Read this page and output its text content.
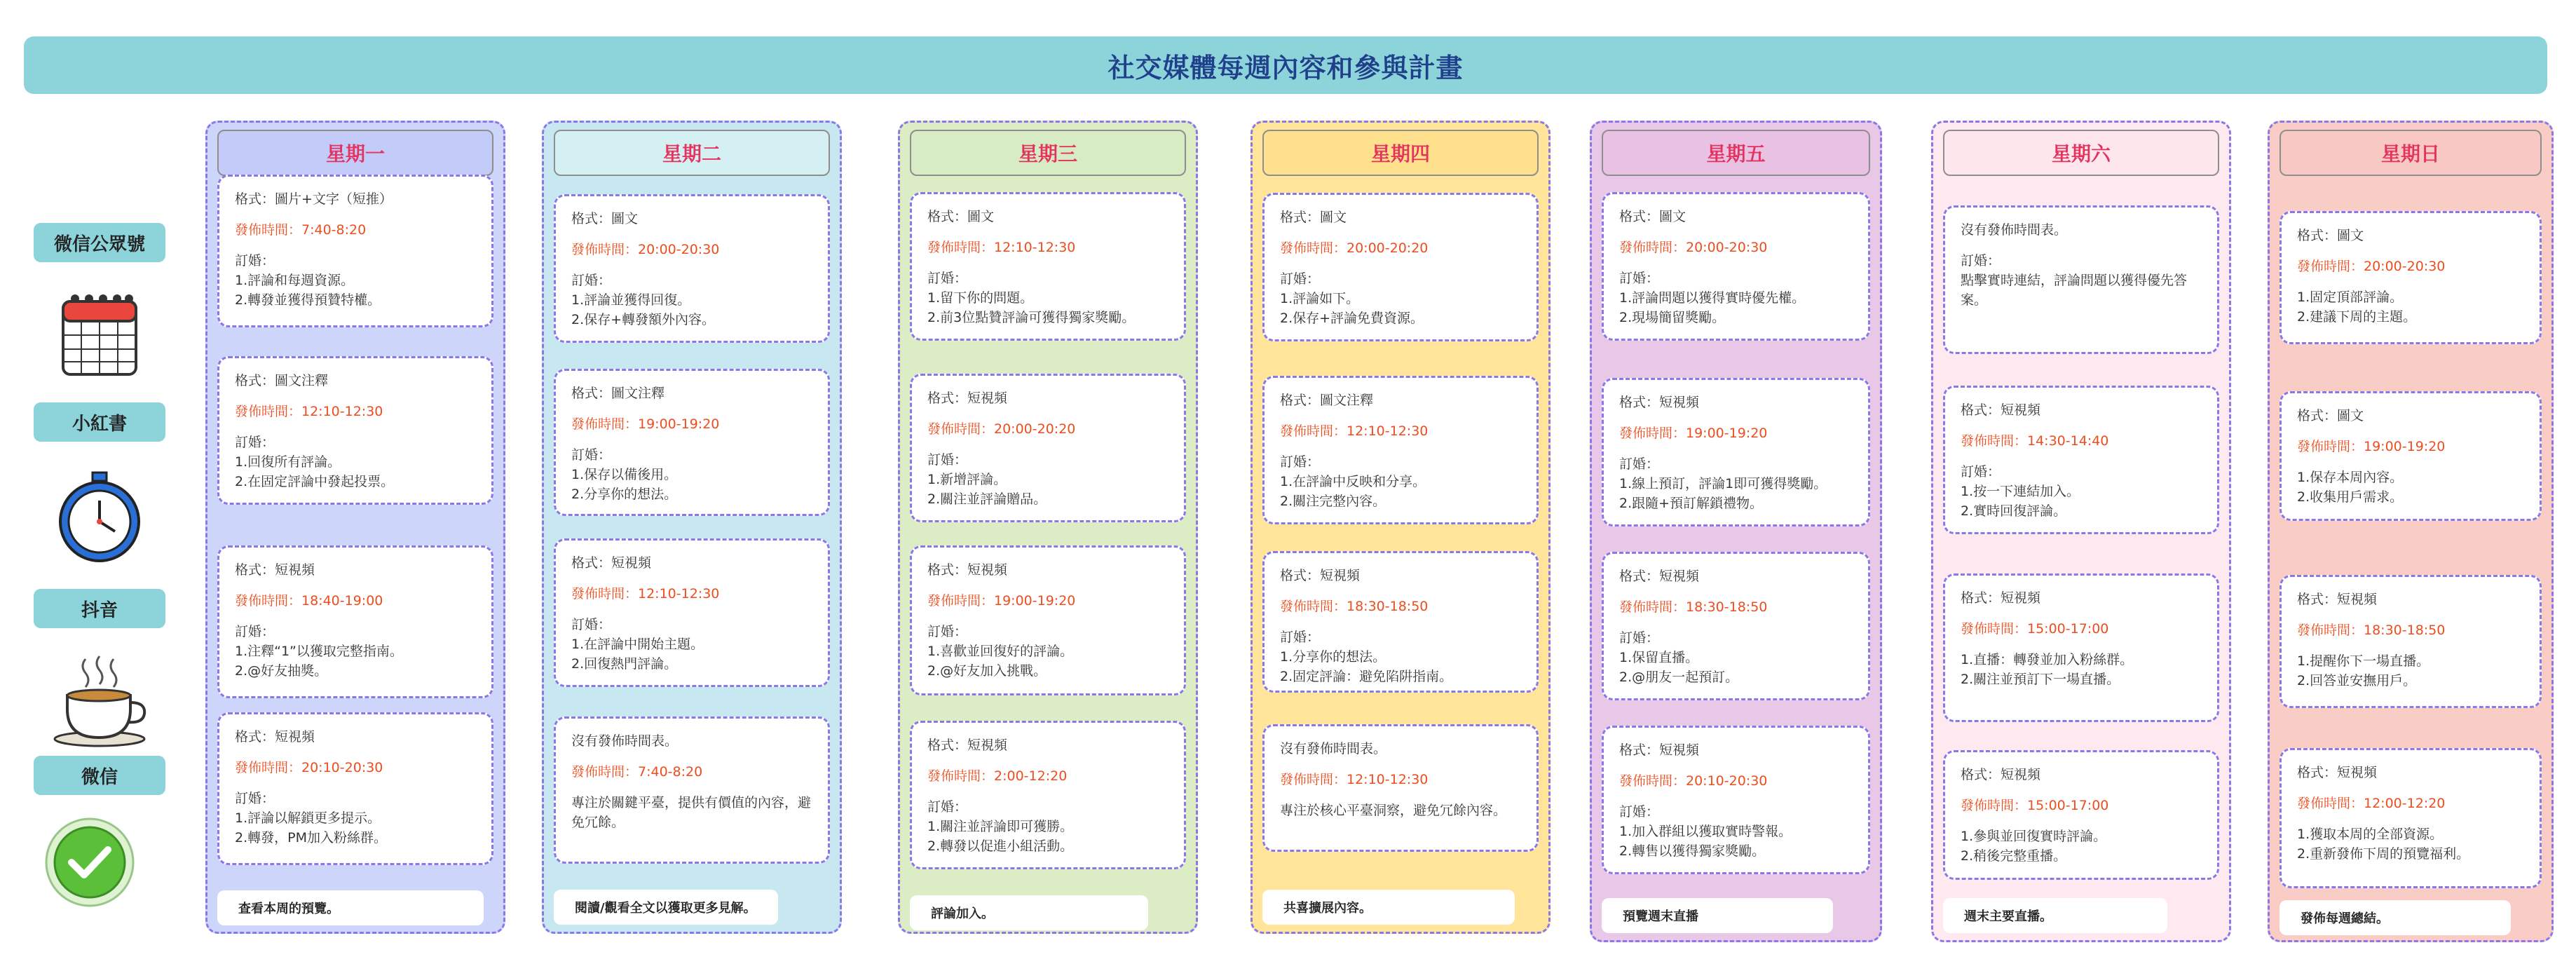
社交媒體每週內容和參與計畫
微信公眾號
小紅書
抖音
微信
星期一
格式：圖片+文字（短推）
發佈時間：7:40-8:20
訂婚：
1.評論和每週資源。
2.轉發並獲得預贊特權。
格式：圖文注釋
發佈時間：12:10-12:30
訂婚：
1.回復所有評論。
2.在固定評論中發起投票。
格式：短視頻
發佈時間：18:40-19:00
訂婚：
1.注釋“1”以獲取完整指南。
2.@好友抽獎。
格式：短視頻
發佈時間：20:10-20:30
訂婚：
1.評論以解鎖更多提示。
2.轉發，PM加入粉絲群。
查看本周的預覽。
星期二
格式：圖文
發佈時間：20:00-20:30
訂婚：
1.評論並獲得回復。
2.保存+轉發額外內容。
格式：圖文注釋
發佈時間：19:00-19:20
訂婚：
1.保存以備後用。
2.分享你的想法。
格式：短視頻
發佈時間：12:10-12:30
訂婚：
1.在評論中開始主題。
2.回復熱門評論。
沒有發佈時間表。
發佈時間：7:40-8:20
專注於關鍵平臺，提供有價值的內容，避免冗餘。
閱讀/觀看全文以獲取更多見解。
星期三
格式：圖文
發佈時間：12:10-12:30
訂婚：
1.留下你的問題。
2.前3位點贊評論可獲得獨家獎勵。
格式：短視頻
發佈時間：20:00-20:20
訂婚：
1.新增評論。
2.關注並評論贈品。
格式：短視頻
發佈時間：19:00-19:20
訂婚：
1.喜歡並回復好的評論。
2.@好友加入挑戰。
格式：短視頻
發佈時間：2:00-12:20
訂婚：
1.關注並評論即可獲勝。
2.轉發以促進小組活動。
評論加入。
星期四
格式：圖文
發佈時間：20:00-20:20
訂婚：
1.評論如下。
2.保存+評論免費資源。
格式：圖文注釋
發佈時間：12:10-12:30
訂婚：
1.在評論中反映和分享。
2.關注完整內容。
格式：短視頻
發佈時間：18:30-18:50
訂婚：
1.分享你的想法。
2.固定評論：避免陷阱指南。
沒有發佈時間表。
發佈時間：12:10-12:30
專注於核心平臺洞察，避免冗餘內容。
共喜擴展內容。
星期五
格式：圖文
發佈時間：20:00-20:30
訂婚：
1.評論問題以獲得實時優先權。
2.現場簡留獎勵。
格式：短視頻
發佈時間：19:00-19:20
訂婚：
1.線上預訂，評論1即可獲得獎勵。
2.跟隨+預訂解鎖禮物。
格式：短視頻
發佈時間：18:30-18:50
訂婚：
1.保留直播。
2.@朋友一起預訂。
格式：短視頻
發佈時間：20:10-20:30
訂婚：
1.加入群組以獲取實時警報。
2.轉售以獲得獨家獎勵。
預覽週末直播
星期六
沒有發佈時間表。
訂婚：
點擊實時連結，評論問題以獲得優先答案。
格式：短視頻
發佈時間：14:30-14:40
訂婚：
1.按一下連結加入。
2.實時回復評論。
格式：短視頻
發佈時間：15:00-17:00
1.直播：轉發並加入粉絲群。
2.關注並預訂下一場直播。
格式：短視頻
發佈時間：15:00-17:00
1.參與並回復實時評論。
2.稍後完整重播。
週末主要直播。
星期日
格式：圖文
發佈時間：20:00-20:30
1.固定頂部評論。
2.建議下周的主題。
格式：圖文
發佈時間：19:00-19:20
1.保存本周內容。
2.收集用戶需求。
格式：短視頻
發佈時間：18:30-18:50
1.提醒你下一場直播。
2.回答並安撫用戶。
格式：短視頻
發佈時間：12:00-12:20
1.獲取本周的全部資源。
2.重新發佈下周的預覽福利。
發佈每週總結。
